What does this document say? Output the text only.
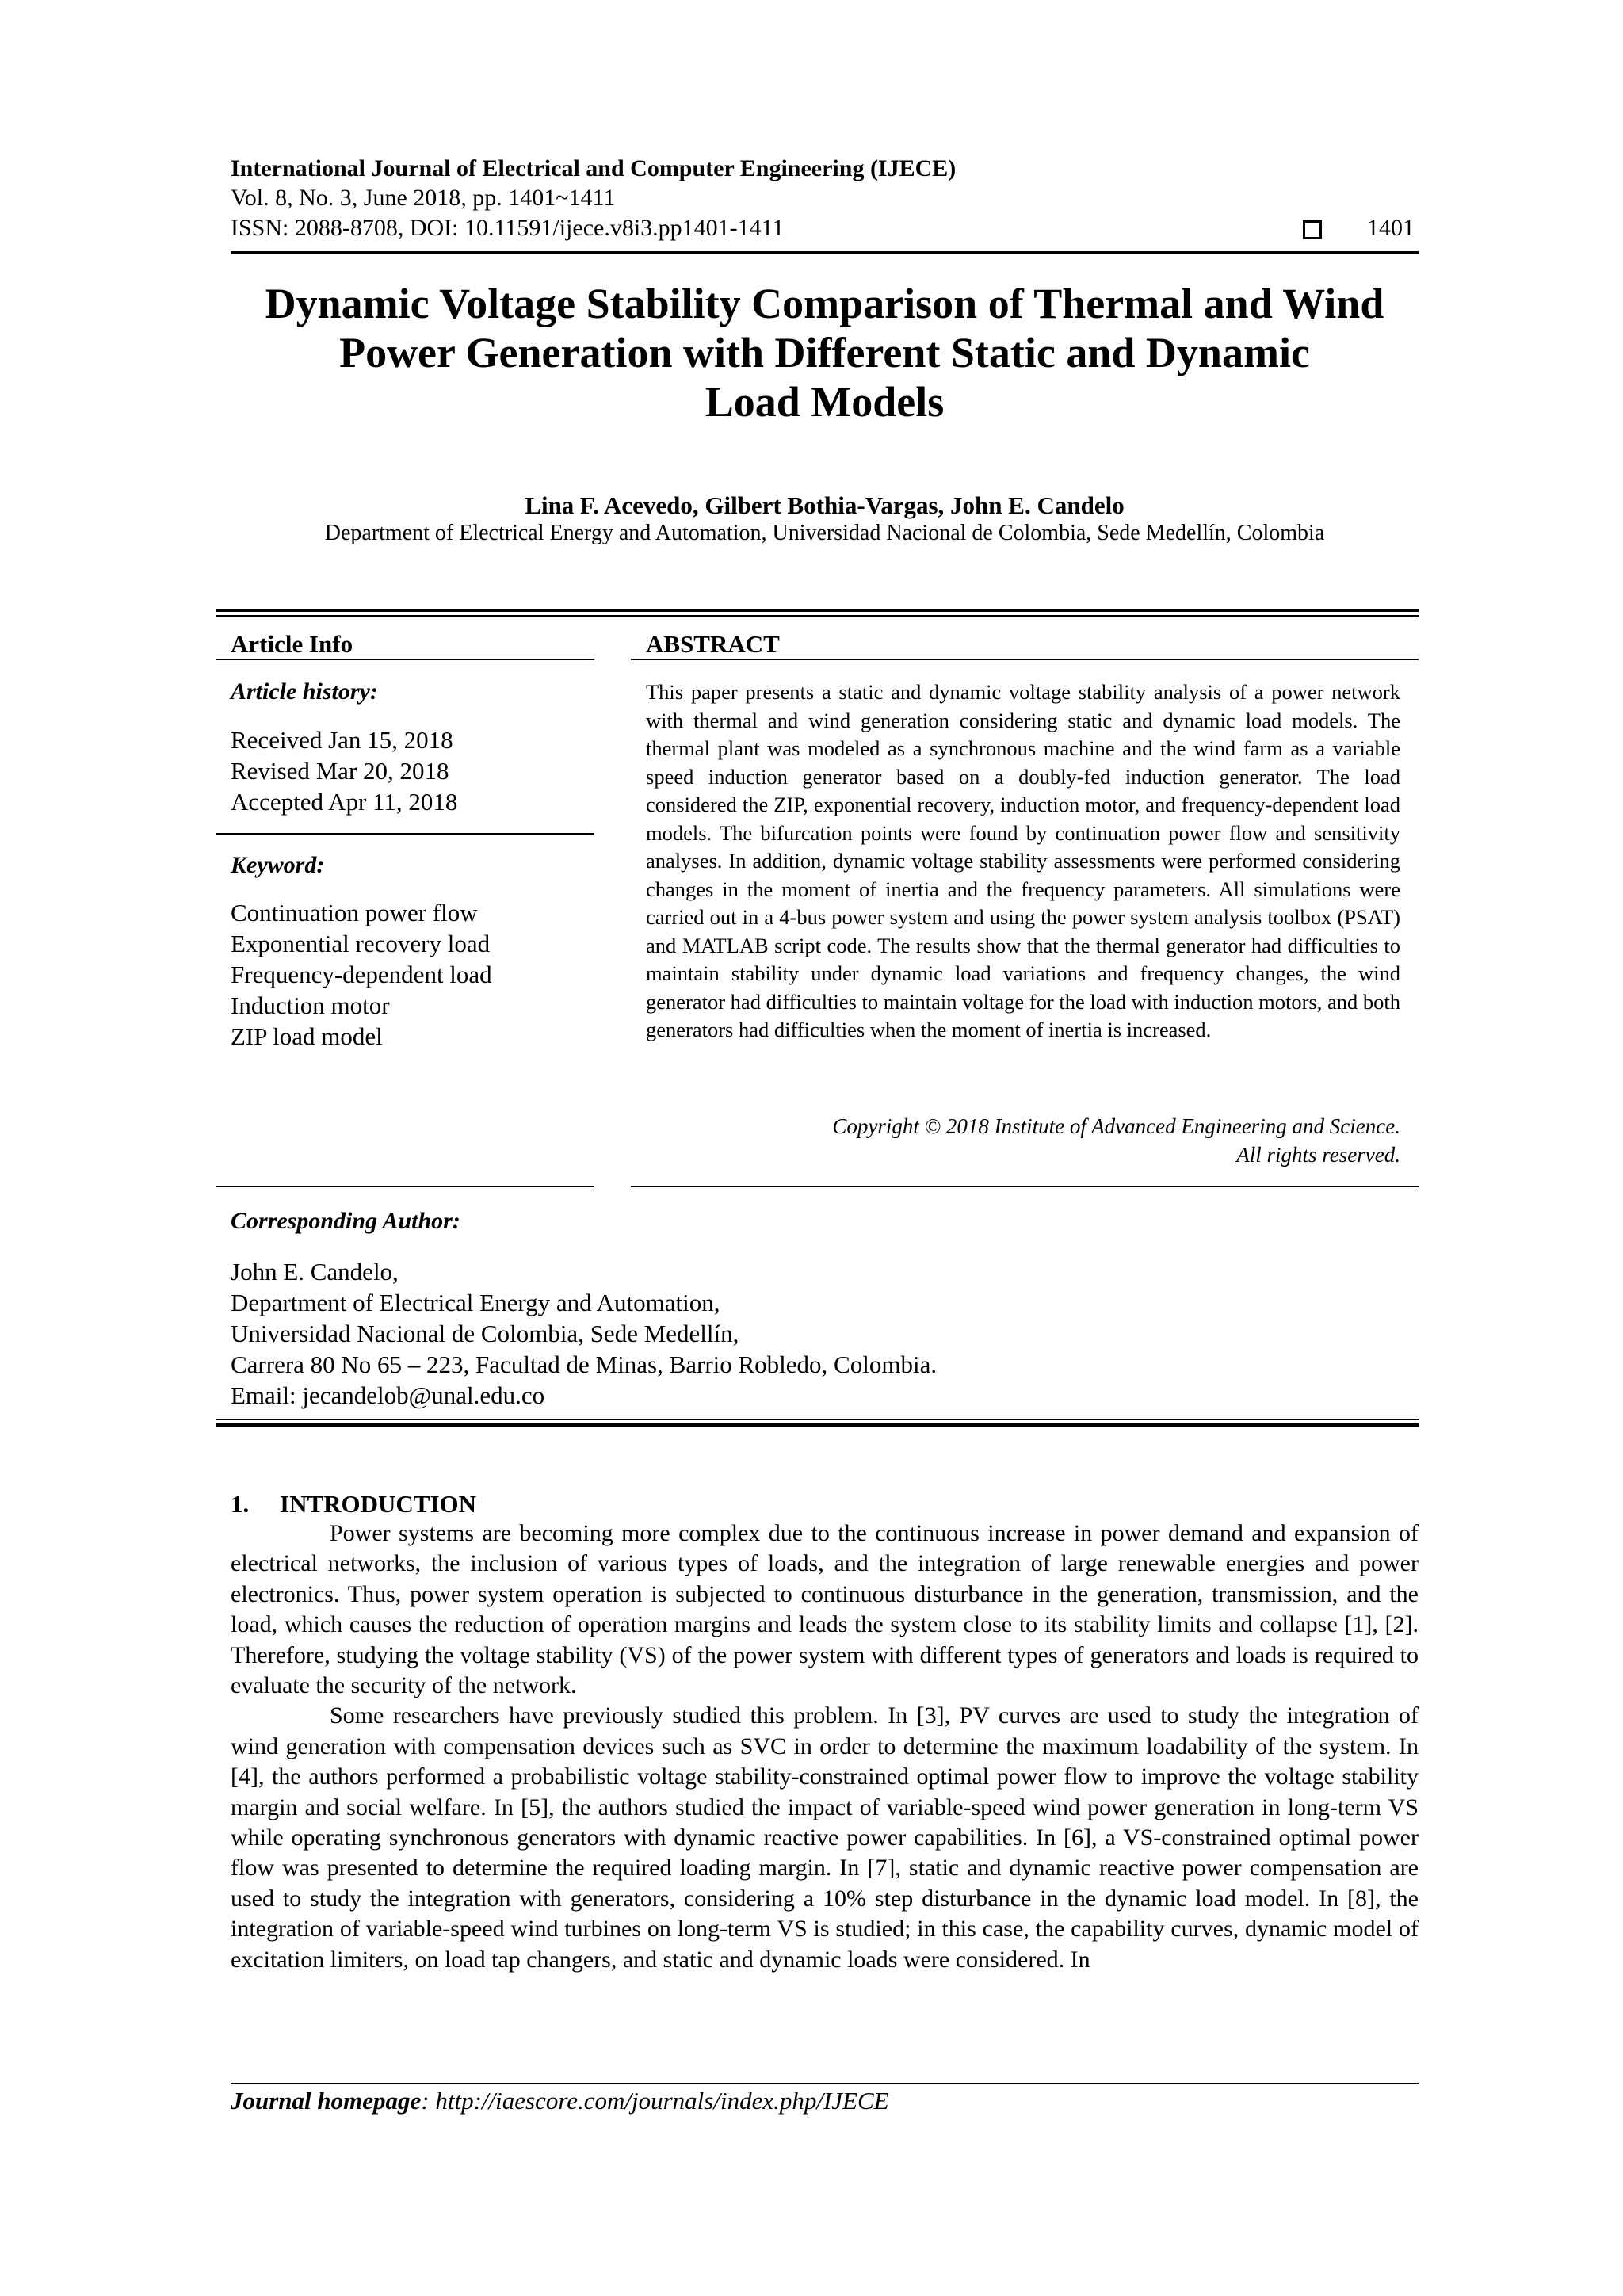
International Journal of Electrical and Computer Engineering (IJECE)
Vol. 8, No. 3, June 2018, pp. 1401~1411
ISSN: 2088-8708, DOI: 10.11591/ijece.v8i3.pp1401-1411	1401
Dynamic Voltage Stability Comparison of Thermal and Wind
Power Generation with Different Static and Dynamic
Load Models
Lina F. Acevedo, Gilbert Bothia-Vargas, John E. Candelo
Department of Electrical Energy and Automation, Universidad Nacional de Colombia, Sede Medellín, Colombia
Article Info
Article history:
Received Jan 15, 2018
Revised Mar 20, 2018
Accepted Apr 11, 2018
Keyword:
Continuation power flow
Exponential recovery load
Frequency-dependent load
Induction motor
ZIP load model
ABSTRACT
This paper presents a static and dynamic voltage stability analysis of a power network with thermal and wind generation considering static and dynamic load models. The thermal plant was modeled as a synchronous machine and the wind farm as a variable speed induction generator based on a doubly-fed induction generator. The load considered the ZIP, exponential recovery, induction motor, and frequency-dependent load models. The bifurcation points were found by continuation power flow and sensitivity analyses. In addition, dynamic voltage stability assessments were performed considering changes in the moment of inertia and the frequency parameters. All simulations were carried out in a 4-bus power system and using the power system analysis toolbox (PSAT) and MATLAB script code. The results show that the thermal generator had difficulties to maintain stability under dynamic load variations and frequency changes, the wind generator had difficulties to maintain voltage for the load with induction motors, and both generators had difficulties when the moment of inertia is increased.
Copyright © 2018 Institute of Advanced Engineering and Science.
All rights reserved.
Corresponding Author:
John E. Candelo,
Department of Electrical Energy and Automation,
Universidad Nacional de Colombia, Sede Medellín,
Carrera 80 No 65 – 223, Facultad de Minas, Barrio Robledo, Colombia.
Email: jecandelob@unal.edu.co
1.     INTRODUCTION

Power systems are becoming more complex due to the continuous increase in power demand and expansion of electrical networks, the inclusion of various types of loads, and the integration of large renewable energies and power electronics. Thus, power system operation is subjected to continuous disturbance in the generation, transmission, and the load, which causes the reduction of operation margins and leads the system close to its stability limits and collapse [1], [2]. Therefore, studying the voltage stability (VS) of the power system with different types of generators and loads is required to evaluate the security of the network.

Some researchers have previously studied this problem. In [3], PV curves are used to study the integration of wind generation with compensation devices such as SVC in order to determine the maximum loadability of the system. In [4], the authors performed a probabilistic voltage stability-constrained optimal power flow to improve the voltage stability margin and social welfare. In [5], the authors studied the impact of variable-speed wind power generation in long-term VS while operating synchronous generators with dynamic reactive power capabilities. In [6], a VS-constrained optimal power flow was presented to determine the required loading margin. In [7], static and dynamic reactive power compensation are used to study the integration with generators, considering a 10% step disturbance in the dynamic load model. In [8], the integration of variable-speed wind turbines on long-term VS is studied; in this case, the capability curves, dynamic model of excitation limiters, on load tap changers, and static and dynamic loads were considered. In

Journal homepage: http://iaescore.com/journals/index.php/IJECE
